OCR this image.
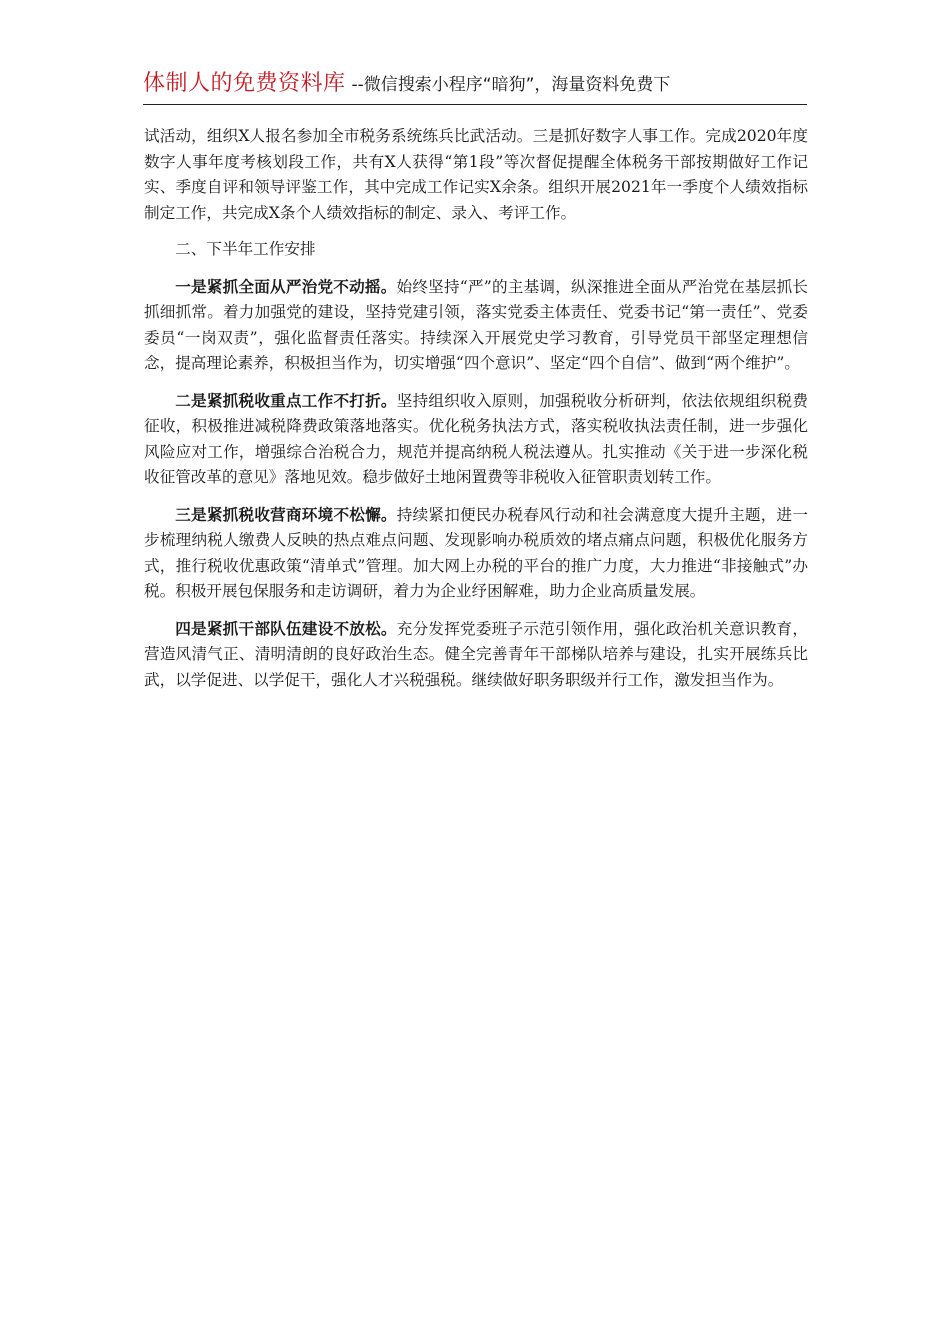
体制人的免费资料库 --微信搜索小程序“暗狗”，海量资料免费下

试活动，组织X人报名参加全市税务系统练兵比武活动。三是抓好数字人事工作。完成2020年度数字人事年度考核划段工作，共有X人获得“第1段”等次督促提醒全体税务干部按期做好工作记实、季度自评和领导评鉴工作，其中完成工作记实X余条。组织开展2021年一季度个人绩效指标制定工作，共完成X条个人绩效指标的制定、录入、考评工作。

二、下半年工作安排

一是紧抓全面从严治党不动摇。始终坚持“严”的主基调，纵深推进全面从严治党在基层抓长抓细抓常。着力加强党的建设，坚持党建引领，落实党委主体责任、党委书记“第一责任”、党委委员“一岗双责”，强化监督责任落实。持续深入开展党史学习教育，引导党员干部坚定理想信念，提高理论素养，积极担当作为，切实增强“四个意识”、坚定“四个自信”、做到“两个维护”。

二是紧抓税收重点工作不打折。坚持组织收入原则，加强税收分析研判，依法依规组织税费征收，积极推进减税降费政策落地落实。优化税务执法方式，落实税收执法责任制，进一步强化风险应对工作，增强综合治税合力，规范并提高纳税人税法遵从。扎实推动《关于进一步深化税收征管改革的意见》落地见效。稳步做好土地闲置费等非税收入征管职责划转工作。

三是紧抓税收营商环境不松懈。持续紧扣便民办税春风行动和社会满意度大提升主题，进一步梳理纳税人缴费人反映的热点难点问题、发现影响办税质效的堵点痛点问题，积极优化服务方式，推行税收优惠政策“清单式”管理。加大网上办税的平台的推广力度，大力推进“非接触式”办税。积极开展包保服务和走访调研，着力为企业纾困解难，助力企业高质量发展。

四是紧抓干部队伍建设不放松。充分发挥党委班子示范引领作用，强化政治机关意识教育，营造风清气正、清明清朗的良好政治生态。健全完善青年干部梯队培养与建设，扎实开展练兵比武，以学促进、以学促干，强化人才兴税强税。继续做好职务职级并行工作，激发担当作为。
